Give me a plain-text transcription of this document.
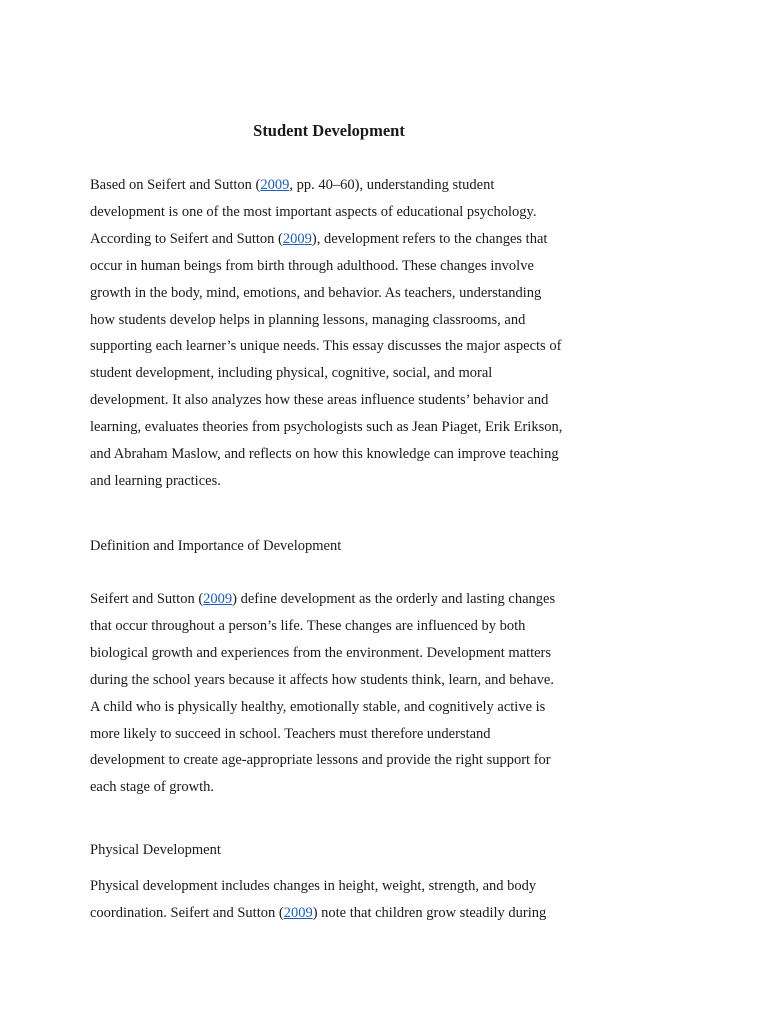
Student Development
Based on Seifert and Sutton (2009, pp. 40–60), understanding student
development is one of the most important aspects of educational psychology.
According to Seifert and Sutton (2009), development refers to the changes that
occur in human beings from birth through adulthood. These changes involve
growth in the body, mind, emotions, and behavior. As teachers, understanding
how students develop helps in planning lessons, managing classrooms, and
supporting each learner’s unique needs. This essay discusses the major aspects of
student development, including physical, cognitive, social, and moral
development. It also analyzes how these areas influence students’ behavior and
learning, evaluates theories from psychologists such as Jean Piaget, Erik Erikson,
and Abraham Maslow, and reflects on how this knowledge can improve teaching
and learning practices.
Definition and Importance of Development
Seifert and Sutton (2009) define development as the orderly and lasting changes
that occur throughout a person’s life. These changes are influenced by both
biological growth and experiences from the environment. Development matters
during the school years because it affects how students think, learn, and behave.
A child who is physically healthy, emotionally stable, and cognitively active is
more likely to succeed in school. Teachers must therefore understand
development to create age-appropriate lessons and provide the right support for
each stage of growth.
Physical Development
Physical development includes changes in height, weight, strength, and body
coordination. Seifert and Sutton (2009) note that children grow steadily during
